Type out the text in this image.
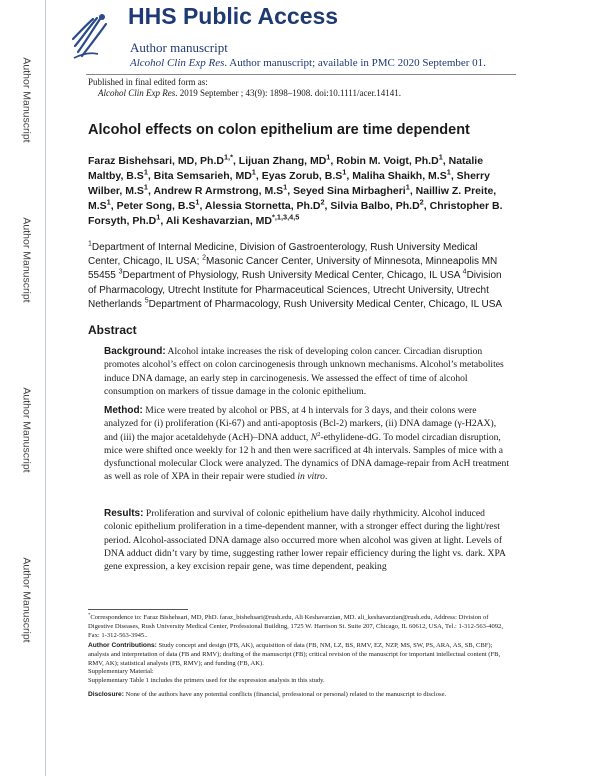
Author Manuscript
Author Manuscript
Author Manuscript
Author Manuscript
HHS Public Access
Author manuscript
Alcohol Clin Exp Res. Author manuscript; available in PMC 2020 September 01.
Published in final edited form as:
Alcohol Clin Exp Res. 2019 September ; 43(9): 1898–1908. doi:10.1111/acer.14141.
Alcohol effects on colon epithelium are time dependent
Faraz Bishehsari, MD, $Ph.D^{1,*}$, Lijuan Zhang, $MD^1$, Robin M. Voigt, $Ph.D^1$, Natalie Maltby, $B.S^1$, Bita Semsarieh, $MD^1$, Eyas Zorub, $B.S^1$, Maliha Shaikh, $M.S^1$, Sherry Wilber, $M.S^1$, Andrew R Armstrong, $M.S^1$, Seyed Sina Mirbagheri$^1$, Nailliw Z. Preite, $M.S^1$, Peter Song, $B.S^1$, Alessia Stornetta, $Ph.D^2$, Silvia Balbo, $Ph.D^2$, Christopher B. Forsyth, $Ph.D^1$, Ali Keshavarzian, $MD^{*,1,3,4,5}$
$^1$Department of Internal Medicine, Division of Gastroenterology, Rush University Medical Center, Chicago, IL USA; $^2$Masonic Cancer Center, University of Minnesota, Minneapolis MN 55455 $^3$Department of Physiology, Rush University Medical Center, Chicago, IL USA $^4$Division of Pharmacology, Utrecht Institute for Pharmaceutical Sciences, Utrecht University, Utrecht Netherlands $^5$Department of Pharmacology, Rush University Medical Center, Chicago, IL USA
Abstract
Background: Alcohol intake increases the risk of developing colon cancer. Circadian disruption promotes alcohol’s effect on colon carcinogenesis through unknown mechanisms. Alcohol’s metabolites induce DNA damage, an early step in carcinogenesis. We assessed the effect of time of alcohol consumption on markers of tissue damage in the colonic epithelium.
Method: Mice were treated by alcohol or PBS, at 4 h intervals for 3 days, and their colons were analyzed for (i) proliferation (Ki-67) and anti-apoptosis (Bcl-2) markers, (ii) DNA damage (γ-H2AX), and (iii) the major acetaldehyde (AcH)–DNA adduct, $N^2-ethylidene-dG$. To model circadian disruption, mice were shifted once weekly for 12 h and then were sacrificed at 4h intervals. Samples of mice with a dysfunctional molecular Clock were analyzed. The dynamics of DNA damage-repair from AcH treatment as well as role of XPA in their repair were studied in vitro.
Results: Proliferation and survival of colonic epithelium have daily rhythmicity. Alcohol induced colonic epithelium proliferation in a time-dependent manner, with a stronger effect during the light/rest period. Alcohol-associated DNA damage also occurred more when alcohol was given at light. Levels of DNA adduct didn’t vary by time, suggesting rather lower repair efficiency during the light vs. dark. XPA gene expression, a key excision repair gene, was time dependent, peaking
*Correspondence to: Faraz Bishehsari, MD, PhD. faraz_bishehsari@rush.edu, Ali Keshavarzian, MD. ali_keshavarzian@rush.edu, Address: Division of Digestive Diseases, Rush University Medical Center, Professional Building, 1725 W. Harrison St. Suite 207, Chicago, IL 60612, USA, Tel.: 1-312-563-4092, Fax: 1-312-563-3945..
Author Contributions: Study concept and design (FB, AK), acquisition of data (FB, NM, LZ, BS, RMV, EZ, NZP, MS, SW, PS, ARA, AS, SB, CBF); analysis and interpretation of data (FB and RMV); drafting of the manuscript (FB); critical revision of the manuscript for important intellectual content (FB, RMV, AK); statistical analysis (FB, RMV); and funding (FB, AK).
Supplementary Material:
Supplementary Table 1 includes the primers used for the expression analysis in this study.
Disclosure: None of the authors have any potential conflicts (financial, professional or personal) related to the manuscript to disclose.
